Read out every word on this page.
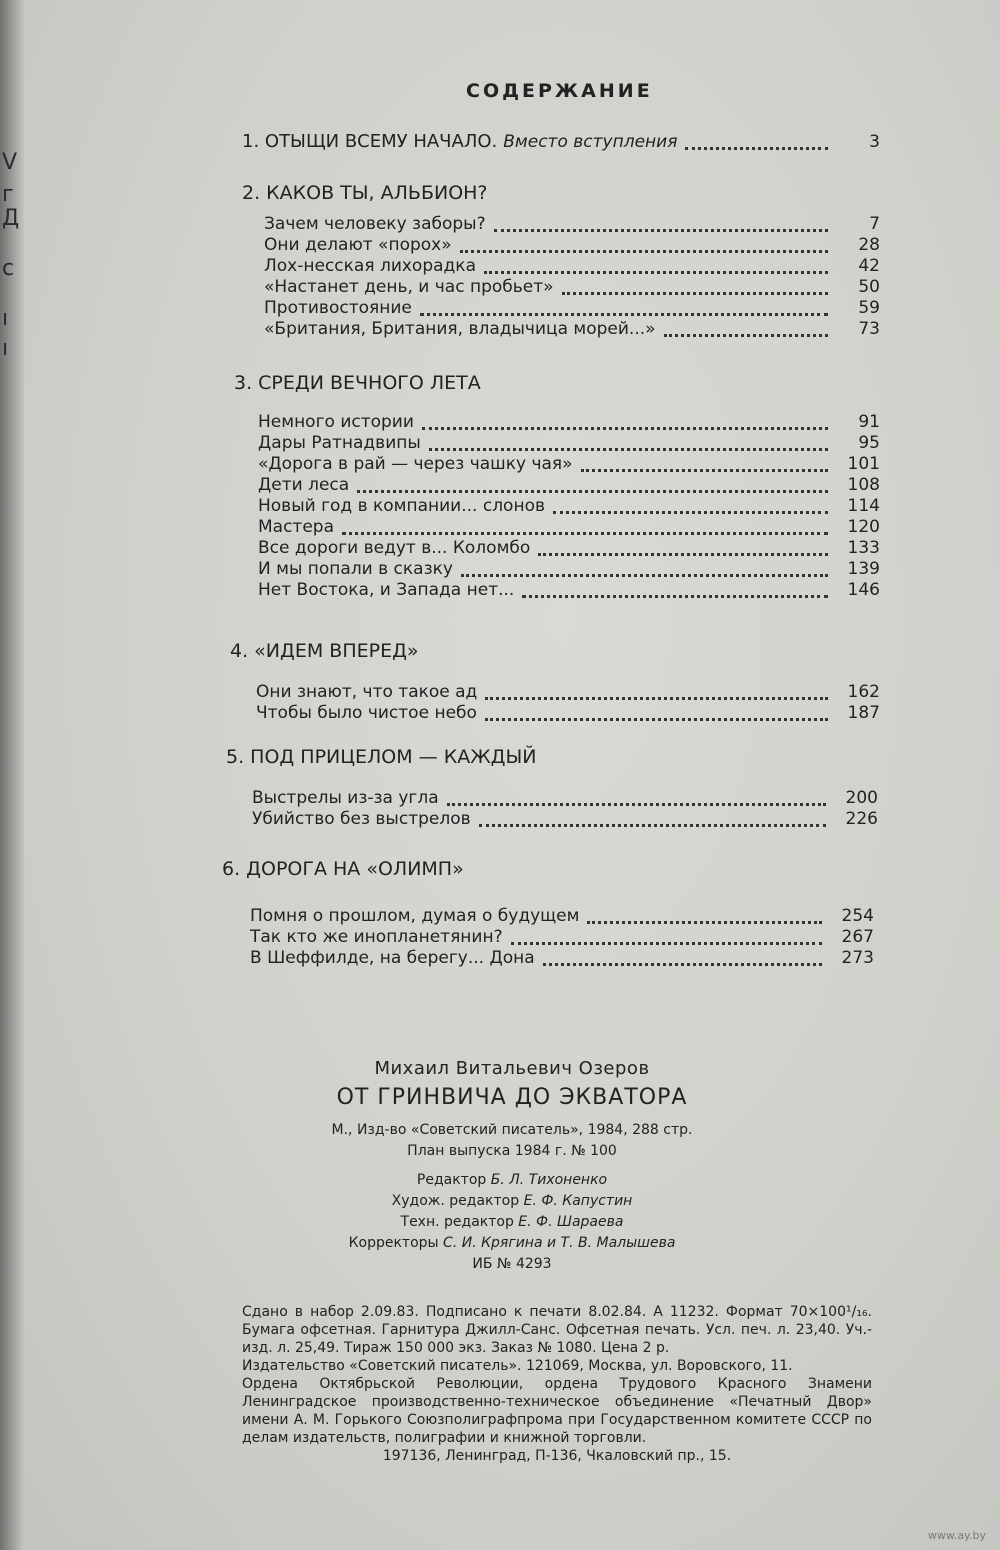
V
г
Д
с
ı
ı
СОДЕРЖАНИЕ
1. ОТЫЩИ ВСЕМУ НАЧАЛО. Вместо вступления	3
2. КАКОВ ТЫ, АЛЬБИОН?
Зачем человеку заборы?	7
Они делают «порох»	28
Лох-несская лихорадка	42
«Настанет день, и час пробьет»	50
Противостояние	59
«Британия, Британия, владычица морей...»	73
3. СРЕДИ ВЕЧНОГО ЛЕТА
Немного истории	91
Дары Ратнадвипы	95
«Дорога в рай — через чашку чая»	101
Дети леса	108
Новый год в компании... слонов	114
Мастера	120
Все дороги ведут в... Коломбо	133
И мы попали в сказку	139
Нет Востока, и Запада нет...	146
4. «ИДЕМ ВПЕРЕД»
Они знают, что такое ад	162
Чтобы было чистое небо	187
5. ПОД ПРИЦЕЛОМ — КАЖДЫЙ
Выстрелы из-за угла	200
Убийство без выстрелов	226
6. ДОРОГА НА «ОЛИМП»
Помня о прошлом, думая о будущем	254
Так кто же инопланетянин?	267
В Шеффилде, на берегу... Дона	273
Михаил Витальевич Озеров
ОТ ГРИНВИЧА ДО ЭКВАТОРА
М., Изд-во «Советский писатель», 1984, 288 стр.
План выпуска 1984 г. № 100
Редактор Б. Л. Тихоненко
Худож. редактор Е. Ф. Капустин
Техн. редактор Е. Ф. Шараева
Корректоры С. И. Крягина и Т. В. Малышева
ИБ № 4293

Сдано в набор 2.09.83. Подписано к печати 8.02.84. А 11232. Формат 70×100¹/₁₆. Бумага офсетная. Гарнитура Джилл-Санс. Офсетная печать. Усл. печ. л. 23,40. Уч.-изд. л. 25,49. Тираж 150 000 экз. Заказ № 1080. Цена 2 р.

Издательство «Советский писатель». 121069, Москва, ул. Воровского, 11.

Ордена Октябрьской Революции, ордена Трудового Красного Знамени Ленинградское производственно-техническое объединение «Печатный Двор» имени А. М. Горького Союзполиграфпрома при Государственном комитете СССР по делам издательств, полиграфии и книжной торговли.

197136, Ленинград, П-136, Чкаловский пр., 15.

www.ay.by
